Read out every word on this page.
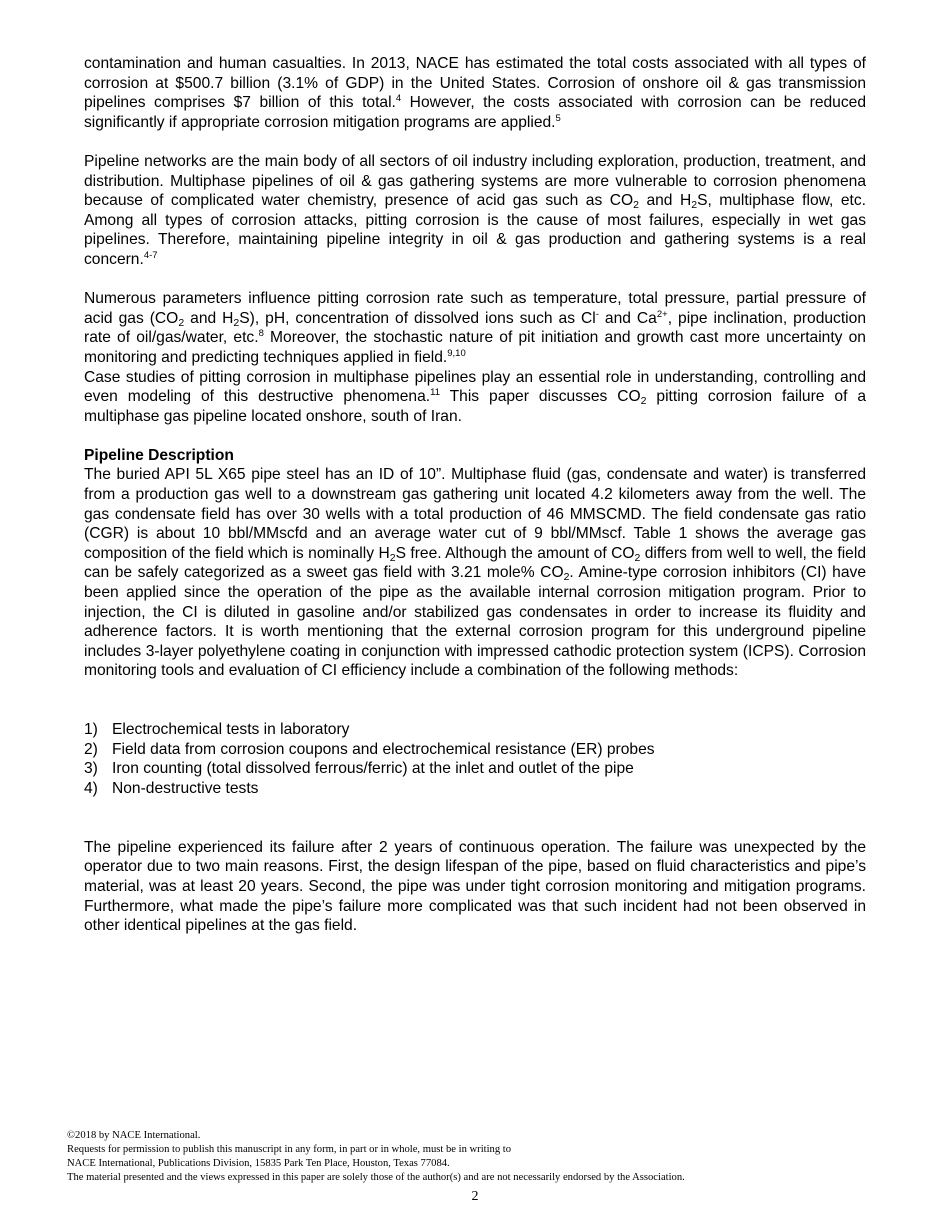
contamination and human casualties. In 2013, NACE has estimated the total costs associated with all types of corrosion at $500.7 billion (3.1% of GDP) in the United States. Corrosion of onshore oil & gas transmission pipelines comprises $7 billion of this total.$^4$ However, the costs associated with corrosion can be reduced significantly if appropriate corrosion mitigation programs are applied.$^5$

Pipeline networks are the main body of all sectors of oil industry including exploration, production, treatment, and distribution. Multiphase pipelines of oil & gas gathering systems are more vulnerable to corrosion phenomena because of complicated water chemistry, presence of acid gas such as $CO_2$ and $H_2S$, multiphase flow, etc. Among all types of corrosion attacks, pitting corrosion is the cause of most failures, especially in wet gas pipelines. Therefore, maintaining pipeline integrity in oil & gas production and gathering systems is a real concern.$^{4-7}$

Numerous parameters influence pitting corrosion rate such as temperature, total pressure, partial pressure of acid gas ($CO_2$ and $H_2S$), pH, concentration of dissolved ions such as Cl- and $Ca^{2+}$, pipe inclination, production rate of oil/gas/water, etc.$^8$ Moreover, the stochastic nature of pit initiation and growth cast more uncertainty on monitoring and predicting techniques applied in field.$^{9,10}$

Case studies of pitting corrosion in multiphase pipelines play an essential role in understanding, controlling and even modeling of this destructive phenomena.$^{11}$ This paper discusses $CO_2$ pitting corrosion failure of a multiphase gas pipeline located onshore, south of Iran.

Pipeline Description

The buried API 5L X65 pipe steel has an ID of 10”. Multiphase fluid (gas, condensate and water) is transferred from a production gas well to a downstream gas gathering unit located 4.2 kilometers away from the well. The gas condensate field has over 30 wells with a total production of 46 MMSCMD. The field condensate gas ratio (CGR) is about 10 bbl/MMscfd and an average water cut of 9 bbl/MMscf. Table 1 shows the average gas composition of the field which is nominally $H_2S$ free. Although the amount of $CO_2$ differs from well to well, the field can be safely categorized as a sweet gas field with 3.21 mole% $CO_2$. Amine-type corrosion inhibitors (CI) have been applied since the operation of the pipe as the available internal corrosion mitigation program. Prior to injection, the CI is diluted in gasoline and/or stabilized gas condensates in order to increase its fluidity and adherence factors. It is worth mentioning that the external corrosion program for this underground pipeline includes 3-layer polyethylene coating in conjunction with impressed cathodic protection system (ICPS). Corrosion monitoring tools and evaluation of CI efficiency include a combination of the following methods:

1) Electrochemical tests in laboratory
2) Field data from corrosion coupons and electrochemical resistance (ER) probes
3) Iron counting (total dissolved ferrous/ferric) at the inlet and outlet of the pipe
4) Non-destructive tests

The pipeline experienced its failure after 2 years of continuous operation. The failure was unexpected by the operator due to two main reasons. First, the design lifespan of the pipe, based on fluid characteristics and pipe’s material, was at least 20 years. Second, the pipe was under tight corrosion monitoring and mitigation programs. Furthermore, what made the pipe’s failure more complicated was that such incident had not been observed in other identical pipelines at the gas field.

©2018 by NACE International.
Requests for permission to publish this manuscript in any form, in part or in whole, must be in writing to
NACE International, Publications Division, 15835 Park Ten Place, Houston, Texas 77084.
The material presented and the views expressed in this paper are solely those of the author(s) and are not necessarily endorsed by the Association.
2
